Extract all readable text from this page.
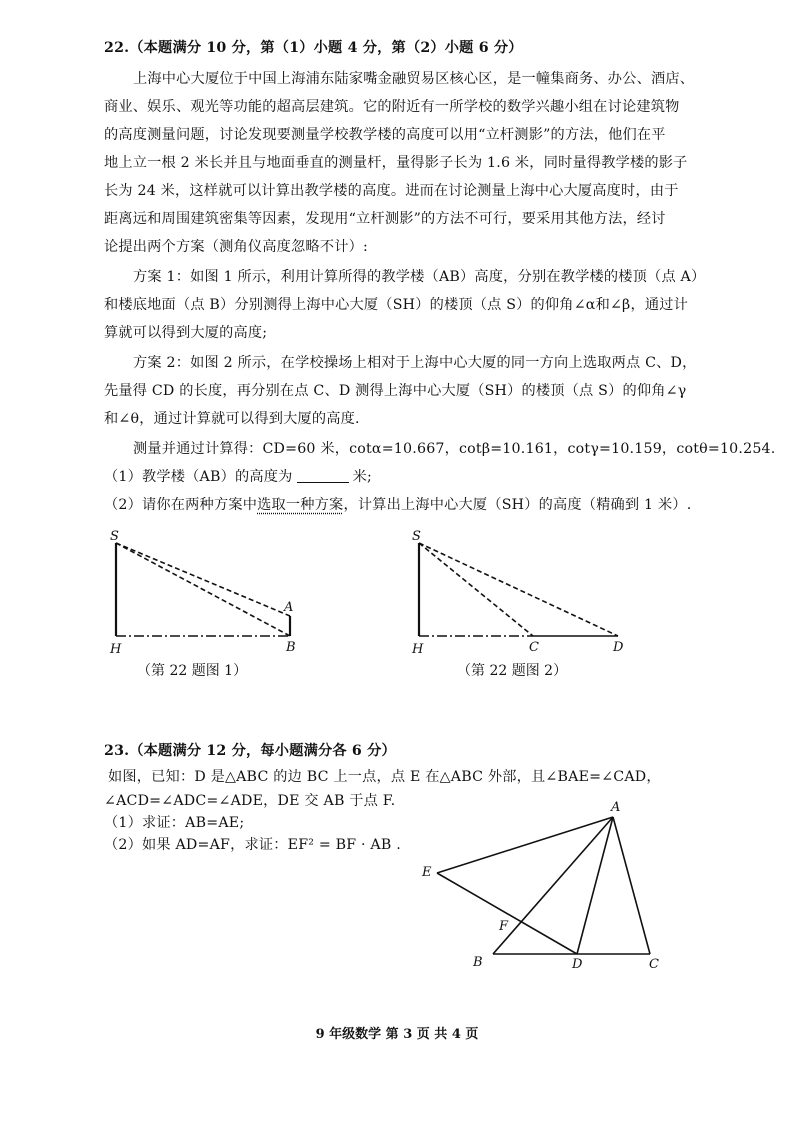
22.（本题满分 10 分，第（1）小题 4 分，第（2）小题 6 分）
上海中心大厦位于中国上海浦东陆家嘴金融贸易区核心区，是一幢集商务、办公、酒店、
商业、娱乐、观光等功能的超高层建筑。它的附近有一所学校的数学兴趣小组在讨论建筑物
的高度测量问题，讨论发现要测量学校教学楼的高度可以用“立杆测影”的方法，他们在平
地上立一根 2 米长并且与地面垂直的测量杆，量得影子长为 1.6 米，同时量得教学楼的影子
长为 24 米，这样就可以计算出教学楼的高度。进而在讨论测量上海中心大厦高度时，由于
距离远和周围建筑密集等因素，发现用“立杆测影”的方法不可行，要采用其他方法，经讨
论提出两个方案（测角仪高度忽略不计）:
方案 1：如图 1 所示，利用计算所得的教学楼（AB）高度，分别在教学楼的楼顶（点 A）
和楼底地面（点 B）分别测得上海中心大厦（SH）的楼顶（点 S）的仰角∠α和∠β，通过计
算就可以得到大厦的高度;
方案 2：如图 2 所示，在学校操场上相对于上海中心大厦的同一方向上选取两点 C、D，
先量得 CD 的长度，再分别在点 C、D 测得上海中心大厦（SH）的楼顶（点 S）的仰角∠γ
和∠θ，通过计算就可以得到大厦的高度.
测量并通过计算得：CD=60 米，cotα=10.667，cotβ=10.161，cotγ=10.159，cotθ=10.254.
（1）教学楼（AB）的高度为	米;
（2）请你在两种方案中选取一种方案，计算出上海中心大厦（SH）的高度（精确到 1 米）.
S
A
H	B
（第 22 题图 1）
S
H	C	D
（第 22 题图 2）
23.（本题满分 12 分，每小题满分各 6 分）
如图，已知：D 是△ABC 的边 BC 上一点，点 E 在△ABC 外部，且∠BAE=∠CAD，
∠ACD=∠ADC=∠ADE，DE 交 AB 于点 F.
（1）求证：AB=AE;
（2）如果 AD=AF，求证：EF² = BF · AB .
A
E
F
B	D	C
9 年级数学 第 3 页 共 4 页
